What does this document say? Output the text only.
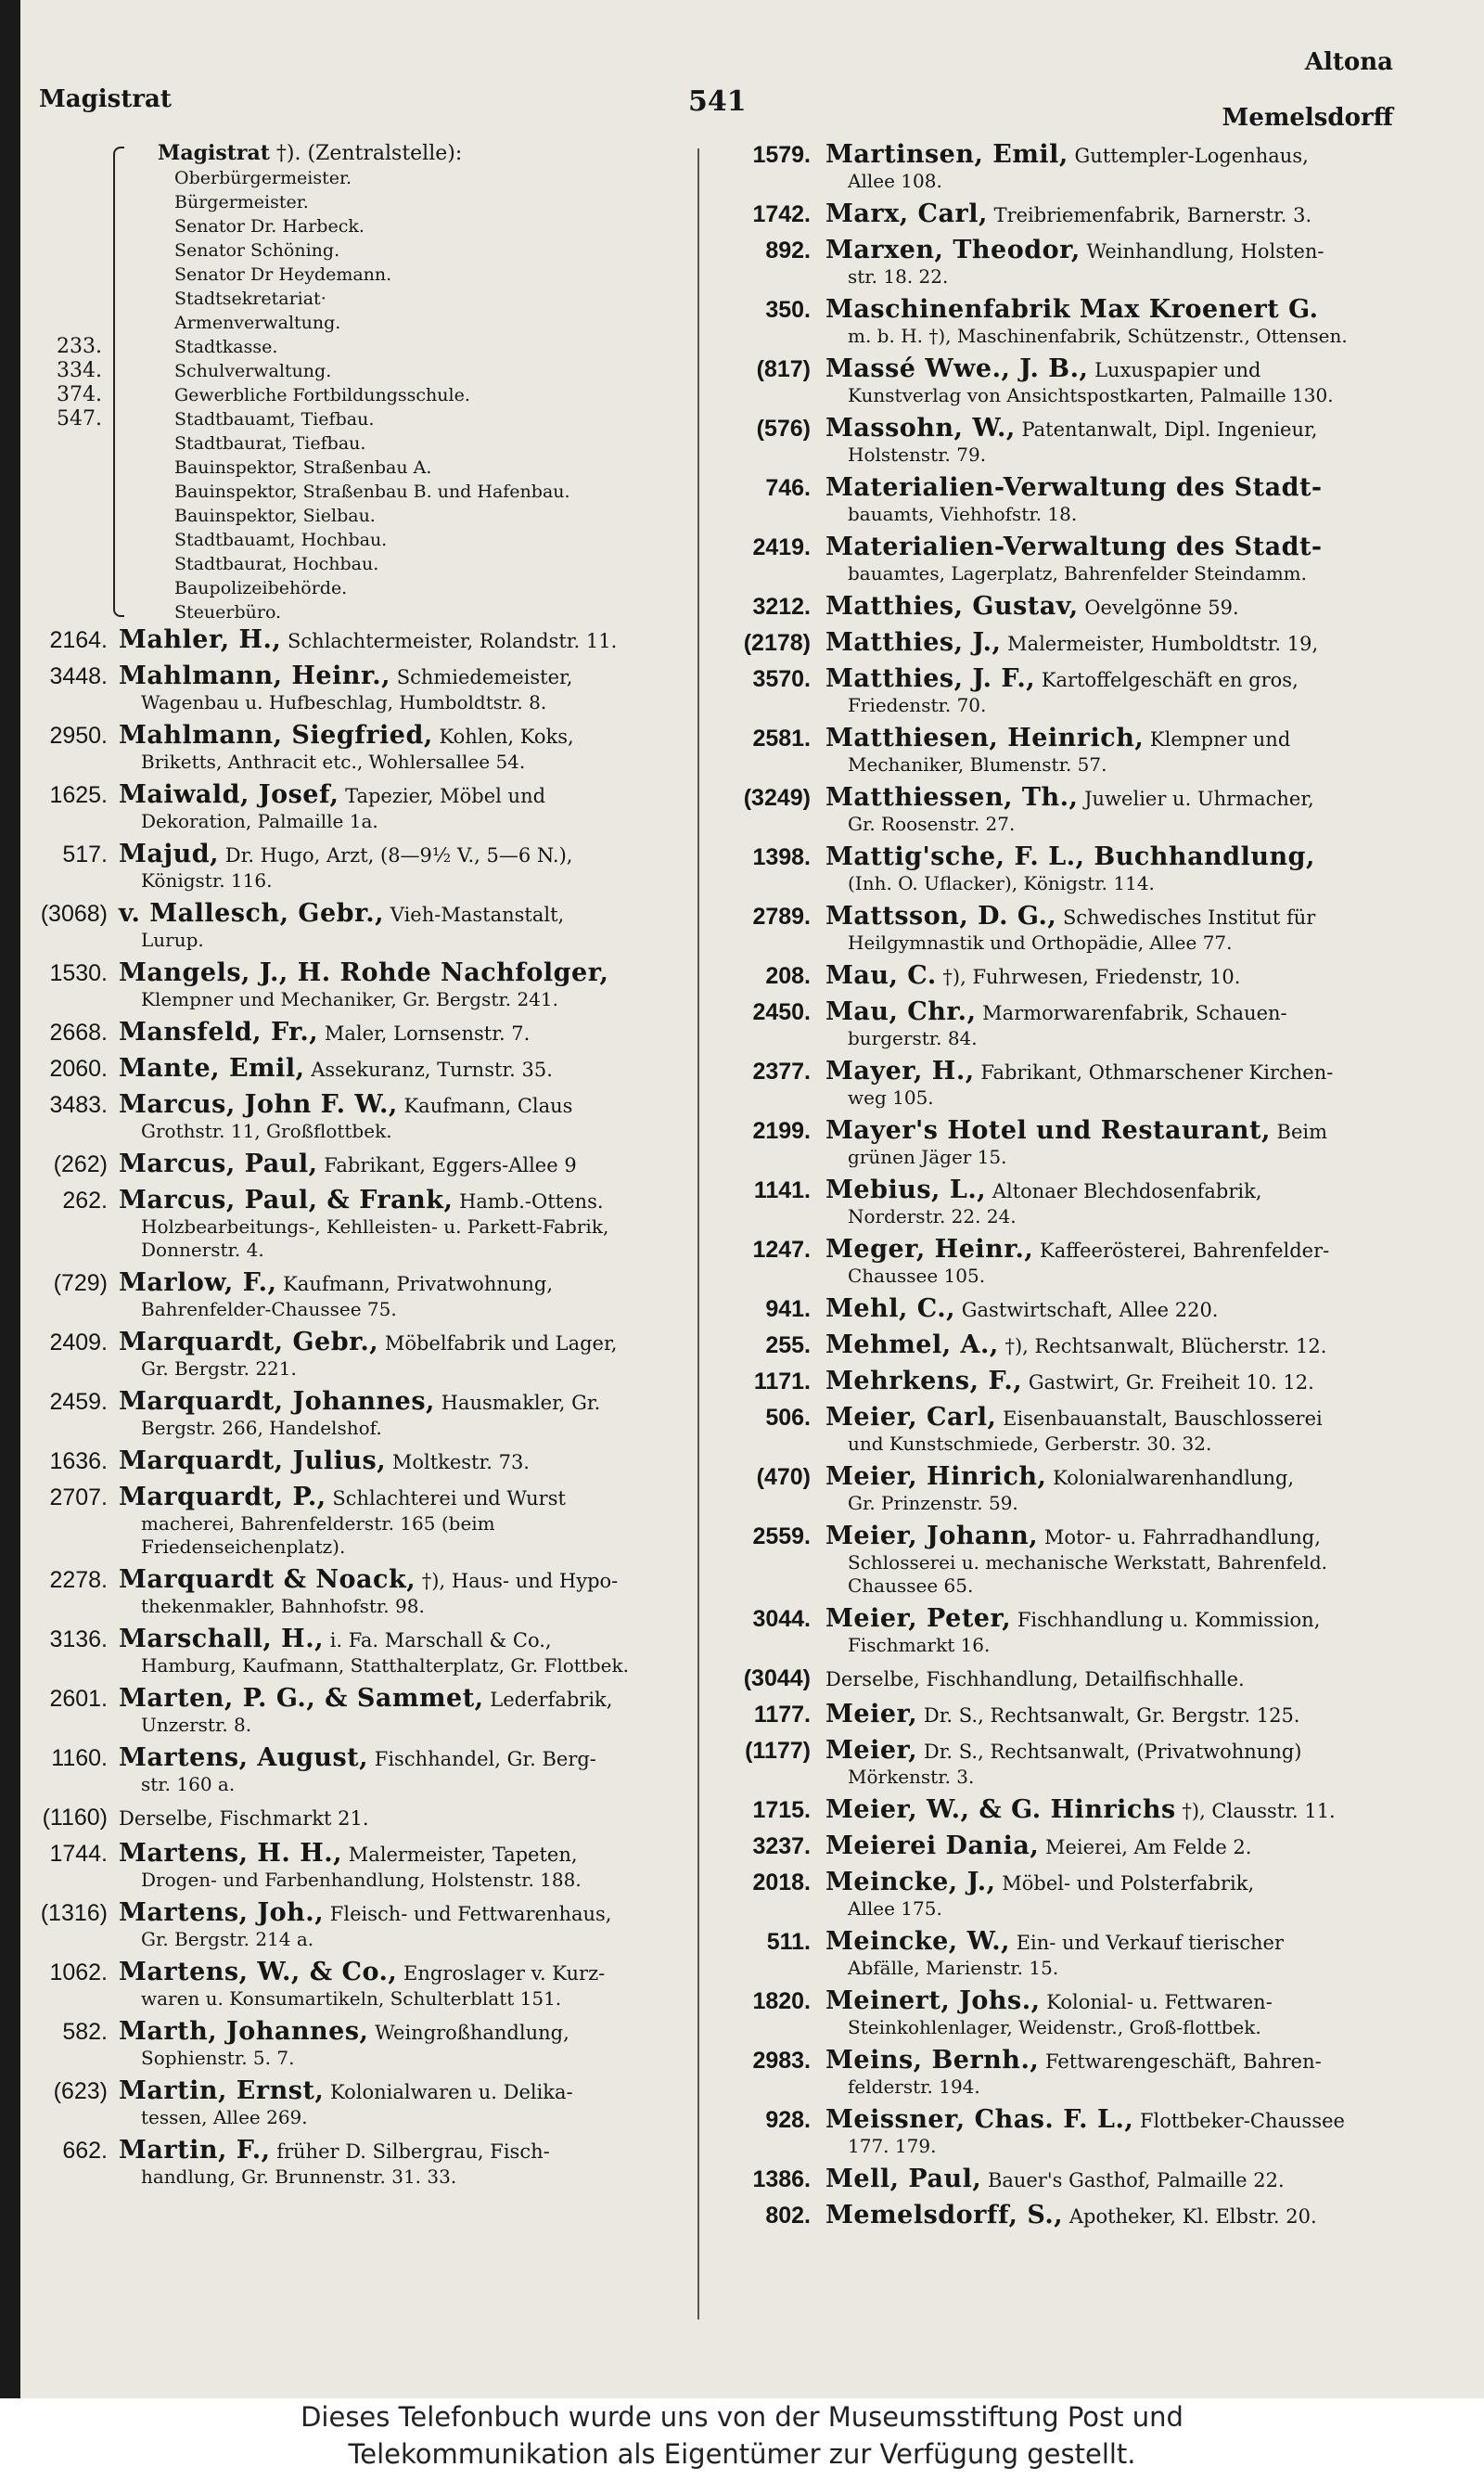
Magistrat	541
Altona
Memelsdorff
Magistrat †). (Zentralstelle):
Oberbürgermeister.
Bürgermeister.
Senator Dr. Harbeck.
Senator Schöning.
Senator Dr Heydemann.
Stadtsekretariat·
Armenverwaltung.
233.	Stadtkasse.
334.	Schulverwaltung.
374.	Gewerbliche Fortbildungsschule.
547.	Stadtbauamt, Tiefbau.
Stadtbaurat, Tiefbau.
Bauinspektor, Straßenbau A.
Bauinspektor, Straßenbau B. und Hafenbau.
Bauinspektor, Sielbau.
Stadtbauamt, Hochbau.
Stadtbaurat, Hochbau.
Baupolizeibehörde.
Steuerbüro.
2164. Mahler, H., Schlachtermeister, Rolandstr. 11.
3448. Mahlmann, Heinr., Schmiedemeister,
Wagenbau u. Hufbeschlag, Humboldtstr. 8.
2950. Mahlmann, Siegfried, Kohlen, Koks,
Briketts, Anthracit etc., Wohlersallee 54.
1625. Maiwald, Josef, Tapezier, Möbel und
Dekoration, Palmaille 1a.
517. Majud, Dr. Hugo, Arzt, (8—9½ V., 5—6 N.),
Königstr. 116.
(3068) v. Mallesch, Gebr., Vieh-Mastanstalt,
Lurup.
1530. Mangels, J., H. Rohde Nachfolger,
Klempner und Mechaniker, Gr. Bergstr. 241.
2668. Mansfeld, Fr., Maler, Lornsenstr. 7.
2060. Mante, Emil, Assekuranz, Turnstr. 35.
3483. Marcus, John F. W., Kaufmann, Claus
Grothstr. 11, Großflottbek.
(262) Marcus, Paul, Fabrikant, Eggers-Allee 9
262. Marcus, Paul, & Frank, Hamb.-Ottens.
Holzbearbeitungs-, Kehlleisten- u. Parkett-Fabrik, Donnerstr. 4.
(729) Marlow, F., Kaufmann, Privatwohnung,
Bahrenfelder-Chaussee 75.
2409. Marquardt, Gebr., Möbelfabrik und Lager,
Gr. Bergstr. 221.
2459. Marquardt, Johannes, Hausmakler, Gr.
Bergstr. 266, Handelshof.
1636. Marquardt, Julius, Moltkestr. 73.
2707. Marquardt, P., Schlachterei und Wurst
macherei, Bahrenfelderstr. 165 (beim Friedenseichenplatz).
2278. Marquardt & Noack, †), Haus- und Hypo-
thekenmakler, Bahnhofstr. 98.
3136. Marschall, H., i. Fa. Marschall & Co.,
Hamburg, Kaufmann, Statthalterplatz, Gr. Flottbek.
2601. Marten, P. G., & Sammet, Lederfabrik,
Unzerstr. 8.
1160. Martens, August, Fischhandel, Gr. Berg-
str. 160 a.
(1160) Derselbe, Fischmarkt 21.
1744. Martens, H. H., Malermeister, Tapeten,
Drogen- und Farbenhandlung, Holstenstr. 188.
(1316) Martens, Joh., Fleisch- und Fettwarenhaus,
Gr. Bergstr. 214 a.
1062. Martens, W., & Co., Engroslager v. Kurz-
waren u. Konsumartikeln, Schulterblatt 151.
582. Marth, Johannes, Weingroßhandlung,
Sophienstr. 5. 7.
(623) Martin, Ernst, Kolonialwaren u. Delika-
tessen, Allee 269.
662. Martin, F., früher D. Silbergrau, Fisch-
handlung, Gr. Brunnenstr. 31. 33.
1579. Martinsen, Emil, Guttempler-Logenhaus,
Allee 108.
1742. Marx, Carl, Treibriemenfabrik, Barnerstr. 3.
892. Marxen, Theodor, Weinhandlung, Holsten-
str. 18. 22.
350. Maschinenfabrik Max Kroenert G.
m. b. H. †), Maschinenfabrik, Schützenstr., Ottensen.
(817) Massé Wwe., J. B., Luxuspapier und
Kunstverlag von Ansichtspostkarten, Palmaille 130.
(576) Massohn, W., Patentanwalt, Dipl. Ingenieur,
Holstenstr. 79.
746. Materialien-Verwaltung des Stadt-
bauamts, Viehhofstr. 18.
2419. Materialien-Verwaltung des Stadt-
bauamtes, Lagerplatz, Bahrenfelder Steindamm.
3212. Matthies, Gustav, Oevelgönne 59.
(2178) Matthies, J., Malermeister, Humboldtstr. 19,
3570. Matthies, J. F., Kartoffelgeschäft en gros,
Friedenstr. 70.
2581. Matthiesen, Heinrich, Klempner und
Mechaniker, Blumenstr. 57.
(3249) Matthiessen, Th., Juwelier u. Uhrmacher,
Gr. Roosenstr. 27.
1398. Mattig'sche, F. L., Buchhandlung,
(Inh. O. Uflacker), Königstr. 114.
2789. Mattsson, D. G., Schwedisches Institut für
Heilgymnastik und Orthopädie, Allee 77.
208. Mau, C. †), Fuhrwesen, Friedenstr, 10.
2450. Mau, Chr., Marmorwarenfabrik, Schauen-
burgerstr. 84.
2377. Mayer, H., Fabrikant, Othmarschener Kirchen-
weg 105.
2199. Mayer's Hotel und Restaurant, Beim
grünen Jäger 15.
1141. Mebius, L., Altonaer Blechdosenfabrik,
Norderstr. 22. 24.
1247. Meger, Heinr., Kaffeerösterei, Bahrenfelder-
Chaussee 105.
941. Mehl, C., Gastwirtschaft, Allee 220.
255. Mehmel, A., †), Rechtsanwalt, Blücherstr. 12.
1171. Mehrkens, F., Gastwirt, Gr. Freiheit 10. 12.
506. Meier, Carl, Eisenbauanstalt, Bauschlosserei
und Kunstschmiede, Gerberstr. 30. 32.
(470) Meier, Hinrich, Kolonialwarenhandlung,
Gr. Prinzenstr. 59.
2559. Meier, Johann, Motor- u. Fahrradhandlung,
Schlosserei u. mechanische Werkstatt, Bahrenfeld. Chaussee 65.
3044. Meier, Peter, Fischhandlung u. Kommission,
Fischmarkt 16.
(3044) Derselbe, Fischhandlung, Detailfischhalle.
1177. Meier, Dr. S., Rechtsanwalt, Gr. Bergstr. 125.
(1177) Meier, Dr. S., Rechtsanwalt, (Privatwohnung)
Mörkenstr. 3.
1715. Meier, W., & G. Hinrichs †), Clausstr. 11.
3237. Meierei Dania, Meierei, Am Felde 2.
2018. Meincke, J., Möbel- und Polsterfabrik,
Allee 175.
511. Meincke, W., Ein- und Verkauf tierischer
Abfälle, Marienstr. 15.
1820. Meinert, Johs., Kolonial- u. Fettwaren-
Steinkohlenlager, Weidenstr., Groß-flottbek.
2983. Meins, Bernh., Fettwarengeschäft, Bahren-
felderstr. 194.
928. Meissner, Chas. F. L., Flottbeker-Chaussee
177. 179.
1386. Mell, Paul, Bauer's Gasthof, Palmaille 22.
802. Memelsdorff, S., Apotheker, Kl. Elbstr. 20.
Dieses Telefonbuch wurde uns von der Museumsstiftung Post und
Telekommunikation als Eigentümer zur Verfügung gestellt.
